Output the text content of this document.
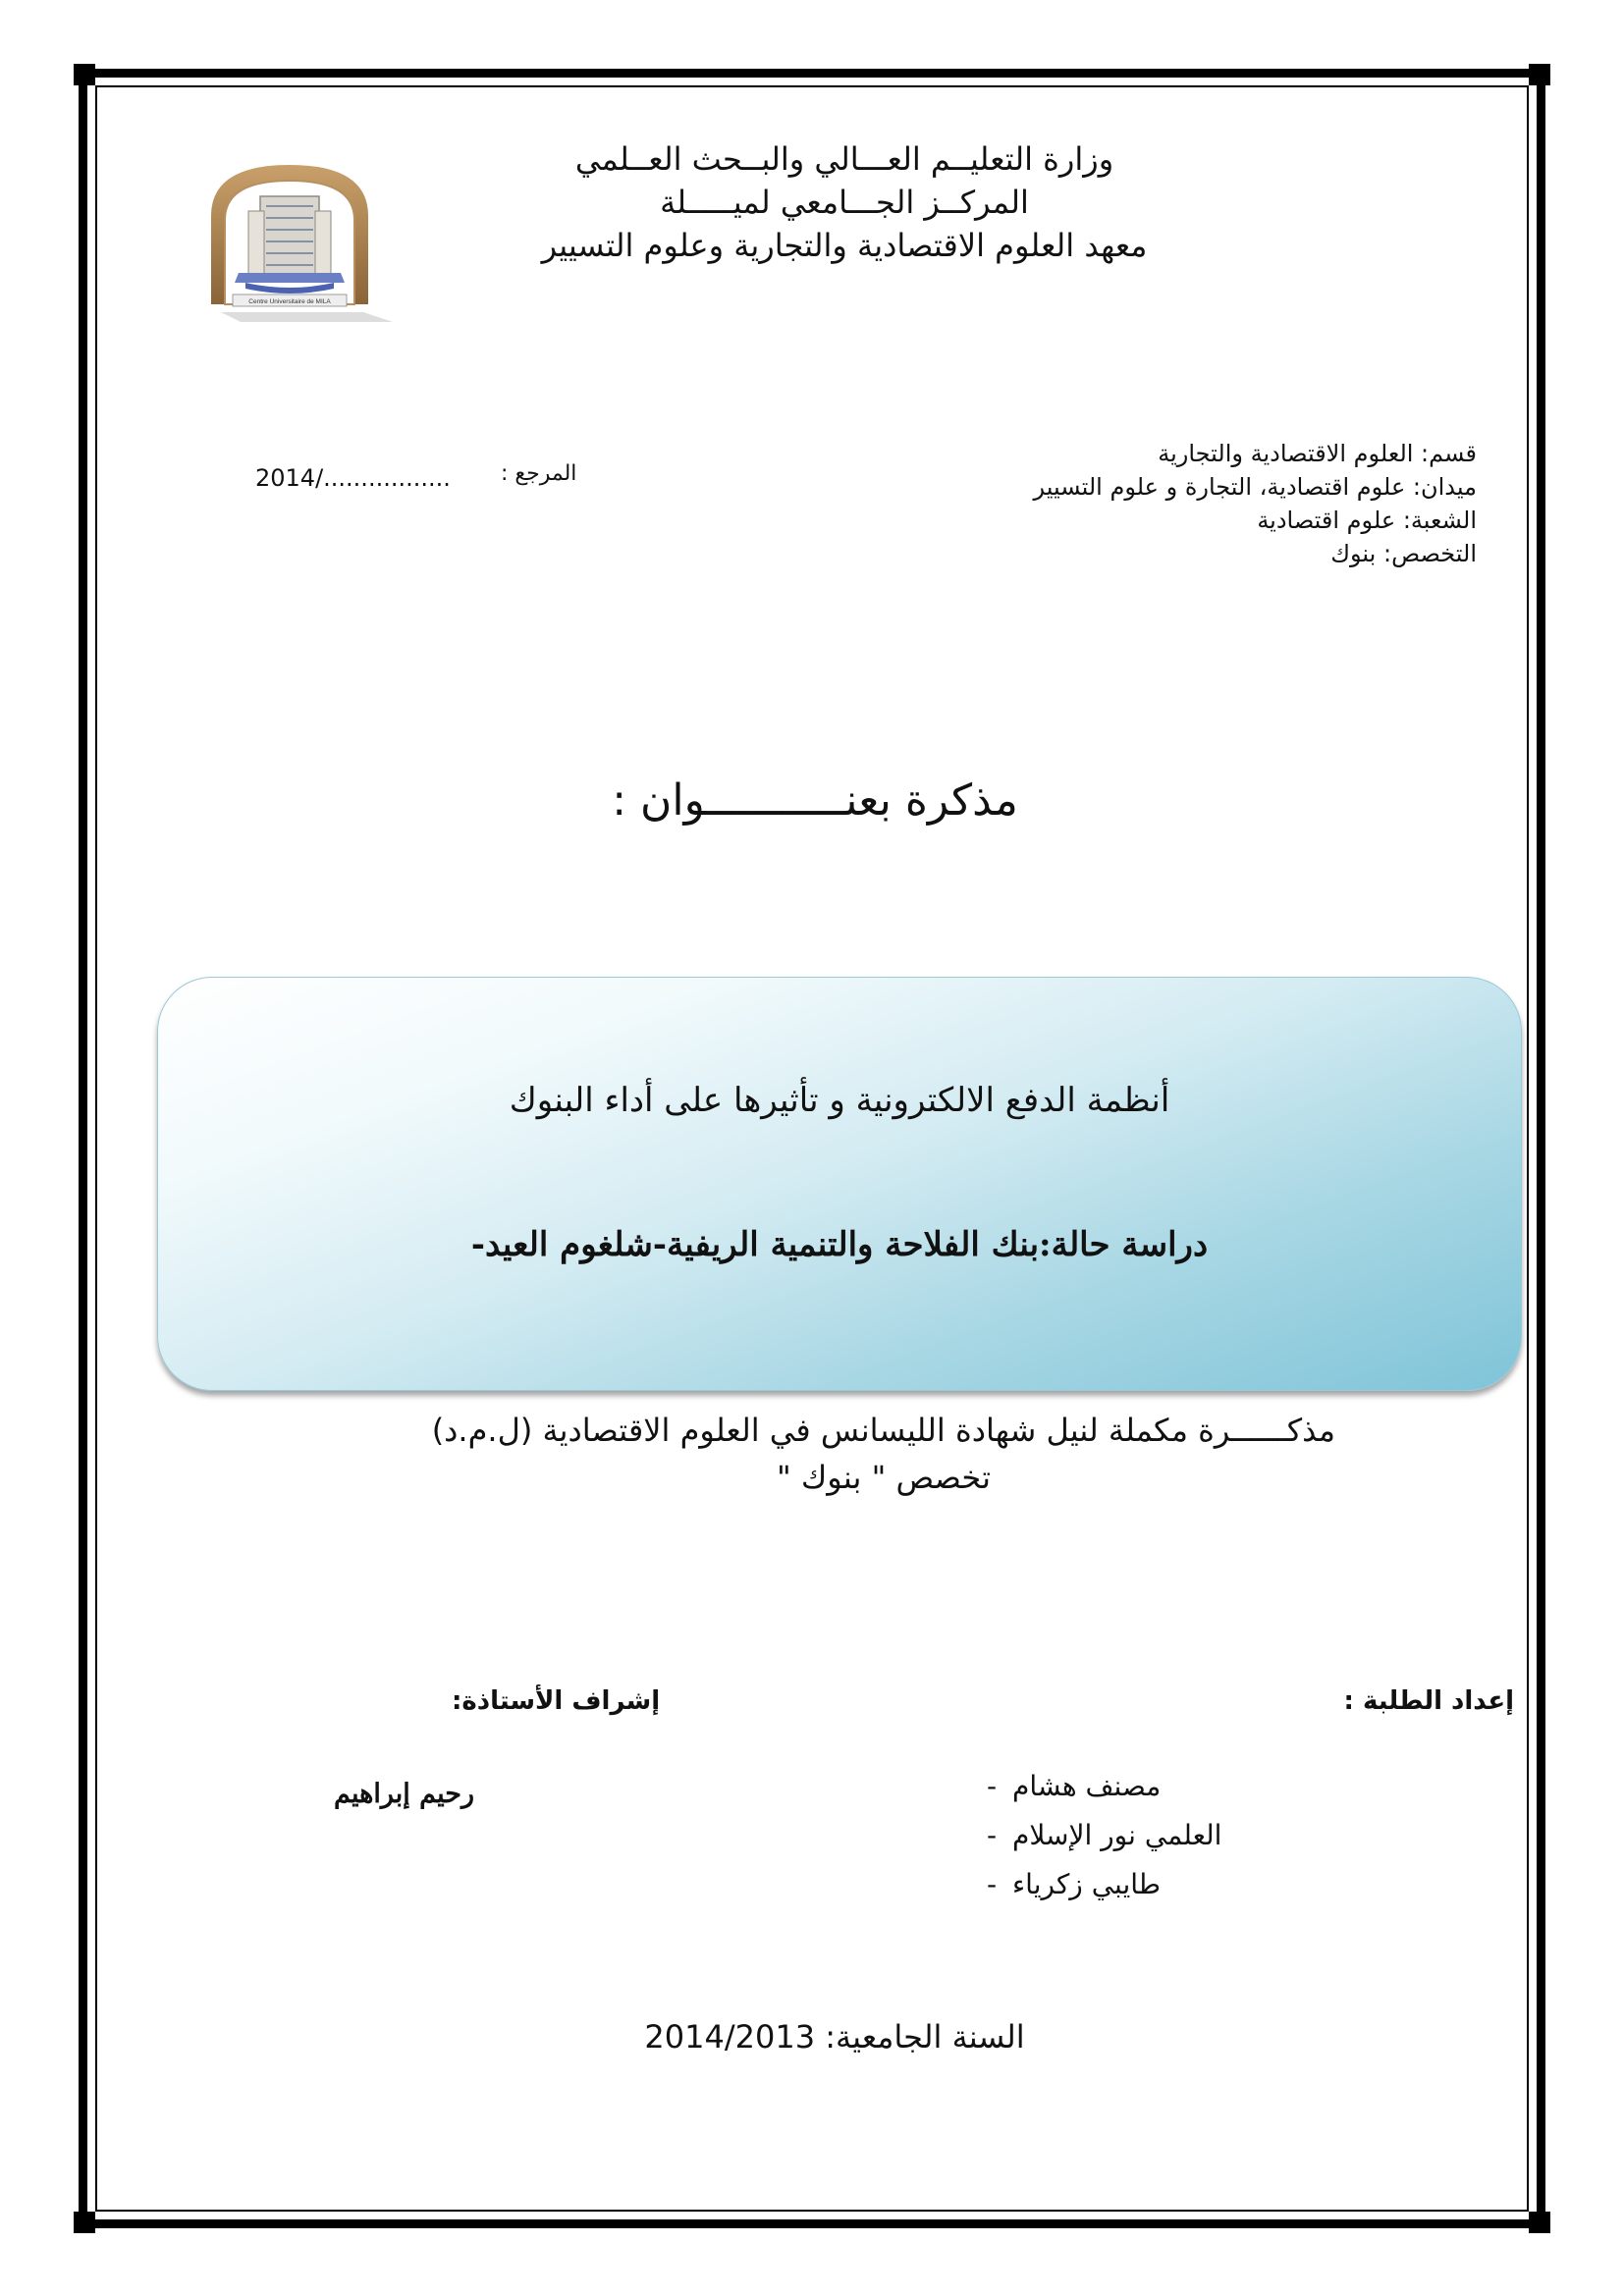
وزارة التعليــم العـــالي والبــحث العــلمي
المركــز الجـــامعي لميـــــلة
معهد العلوم الاقتصادية والتجارية وعلوم التسيير
Centre Universitaire de MILA
قسم: العلوم الاقتصادية والتجارية
ميدان: علوم اقتصادية، التجارة و علوم التسيير
الشعبة: علوم اقتصادية
التخصص: بنوك
المرجع :
2014/.................
مذكرة بعنـــــــــــوان :
أنظمة الدفع الالكترونية و تأثيرها على أداء البنوك
دراسة حالة:بنك الفلاحة والتنمية الريفية-شلغوم العيد-
مذكــــــرة مكملة لنيل شهادة الليسانس في العلوم الاقتصادية (ل.م.د)
تخصص " بنوك "
إعداد الطلبة :
إشراف الأستاذة:
- مصنف هشام
- العلمي نور الإسلام
- طايبي زكرياء
رحيم إبراهيم
السنة الجامعية: 2014/2013
